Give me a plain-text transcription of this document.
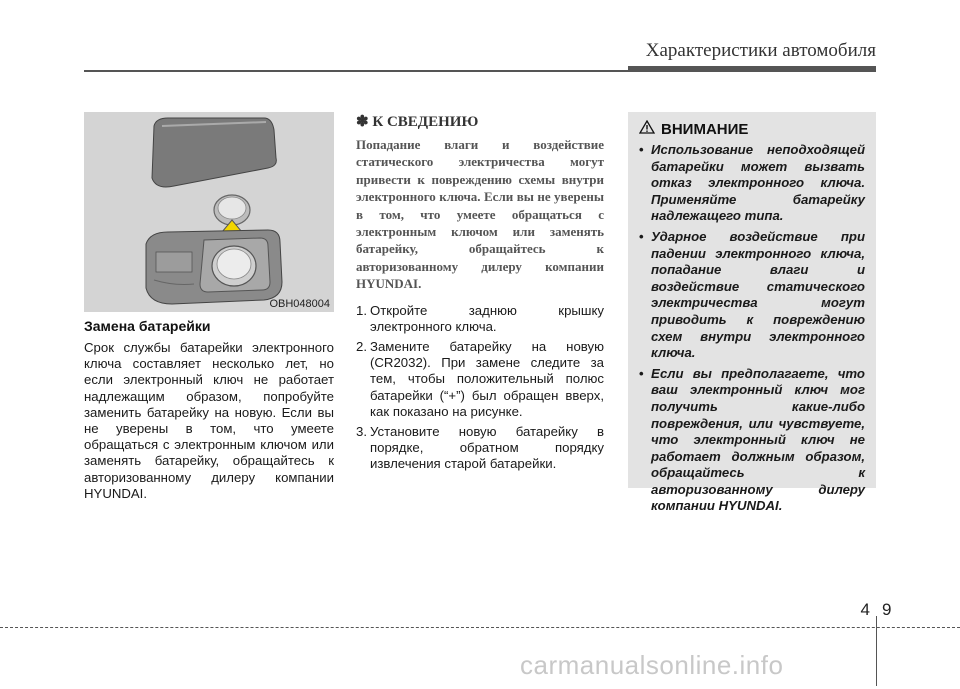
Характеристики автомобиля
OBH048004
Замена батарейки

Срок службы батарейки электронного ключа составляет несколько лет, но если электронный ключ не работает надлежащим образом, попробуйте заменить батарейку на новую. Если вы не уверены в том, что умеете обращаться с электронным ключом или заменять батарейку, обращайтесь к авторизованному дилеру компании HYUNDAI.

✽ К СВЕДЕНИЮ

Попадание влаги и воздействие статического электричества могут привести к повреждению схемы внутри электронного ключа. Если вы не уверены в том, что умеете обращаться с электронным ключом или заменять батарейку, обращайтесь к авторизованному дилеру компании HYUNDAI.

1. Откройте заднюю крышку электронного ключа.
2. Замените батарейку на новую (CR2032). При замене следите за тем, чтобы положительный полюс батарейки (“+”) был обращен вверх, как показано на рисунке.
3. Установите новую батарейку в порядке, обратном порядку извлечения старой батарейки.
ВНИМАНИЕ
• Использование неподходящей батарейки может вызвать отказ электронного ключа. Применяйте батарейку надлежащего типа.
• Ударное воздействие при падении электронного ключа, попадание влаги и воздействие статического электричества могут приводить к повреждению схем внутри электронного ключа.
• Если вы предполагаете, что ваш электронный ключ мог получить какие-либо повреждения, или чувствуете, что электронный ключ не работает должным образом, обращайтесь к авторизованному дилеру компании HYUNDAI.
4 9
carmanualsonline.info
